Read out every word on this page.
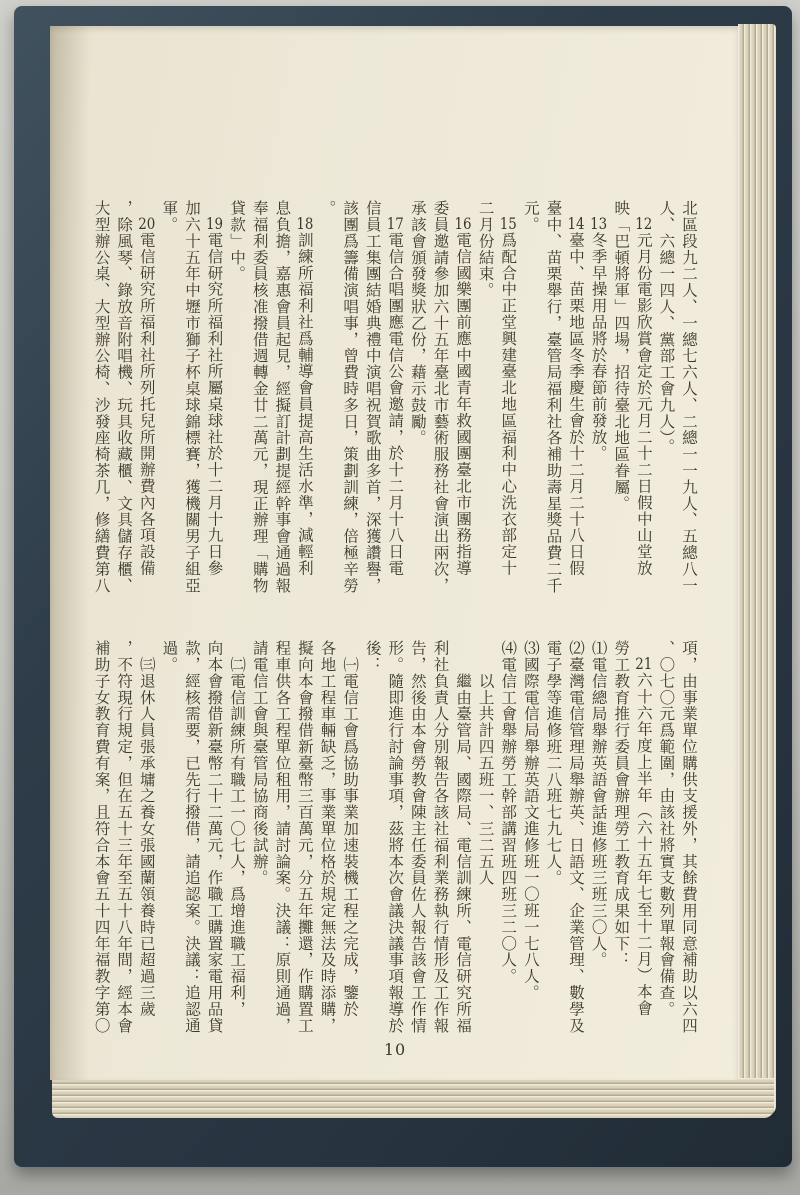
北區段九二人、一總七六人、二總一一九人、五總八一
人、六總一四人、黨部工會九人）。
　12元月份電影欣賞會定於元月二十二日假中山堂放
映「巴頓將軍」四場，招待臺北地區眷屬。
　13冬季早操用品將於春節前發放。
　14臺中、苗栗地區冬季慶生會於十二月二十八日假
臺中、苗栗舉行，臺管局福利社各補助壽星獎品費二千
元。
　15爲配合中正堂興建臺北地區福利中心洗衣部定十
二月份結束。
　16電信國樂團前應中國青年救國團臺北市團務指導
委員邀請參加六十五年臺北市藝術服務社會演出兩次，
承該會頒發獎狀乙份，藉示鼓勵。
　17電信合唱團應電信公會邀請，於十二月十八日電
信員工集團結婚典禮中演唱祝賀歌曲多首，深獲讚譽，
該團爲籌備演唱事，曾費時多日，策劃訓練，倍極辛勞
。
　18訓練所福利社爲輔導會員提高生活水準，減輕利
息負擔，嘉惠會員起見，經擬訂計劃提經幹事會通過報
奉福利委員核准撥借週轉金廿二萬元，現正辦理「購物
貸款」中。
　19電信研究所福利社所屬桌球社於十二月十九日參
加六十五年中壢市獅子杯桌球錦標賽，獲機關男子組亞
軍。
　20電信研究所福利社所列托兒所開辦費內各項設備
，除風琴、錄放音附唱機、玩具收藏櫃、文具儲存櫃、
大型辦公桌、大型辦公椅、沙發座椅茶几，修繕費第八
項，由事業單位購供支援外，其餘費用同意補助以六四
、〇七〇元爲範圍，由該社將實支數列單報會備查。
　21六十六年度上半年（六十五年七至十二月）本會
勞工教育推行委員會辦理勞工教育成果如下：
⑴電信總局舉辦英語會話進修班三班三〇人。
⑵臺灣電信管理局舉辦英、日語文、企業管理、數學及
電子學等進修班二八班七九七人。
⑶國際電信局舉辦英語文進修班一〇班一七八人。
⑷電信工會舉辦勞工幹部講習班四班三二〇人。
　　以上共計四五班一、三二五人
　　繼由臺管局、國際局、電信訓練所、電信研究所福
利社負責人分別報告各該社福利業務執行情形及工作報
告，然後由本會勞教會陳主任委員佐人報告該會工作情
形。隨即進行討論事項，茲將本次會議決議事項報導於
後：
　㈠電信工會爲協助事業加速裝機工程之完成，鑒於
各地工程車輛缺乏，事業單位格於規定無法及時添購，
擬向本會撥借新臺幣三百萬元，分五年攤還，作購置工
程車供各工程單位租用，請討論案。決議：原則通過，
請電信工會與臺管局協商後試辦。
　㈡電信訓練所有職工一〇七人，爲增進職工福利，
向本會撥借新臺幣二十二萬元，作職工購置家電用品貸
款，經核需要，已先行撥借，請追認案。決議：追認通
過。
　㈢退休人員張承墉之養女張國蘭領養時已超過三歲
，不符現行規定，但在五十三年至五十八年間，經本會
補助子女教育費有案，且符合本會五十四年福教字第〇
10
